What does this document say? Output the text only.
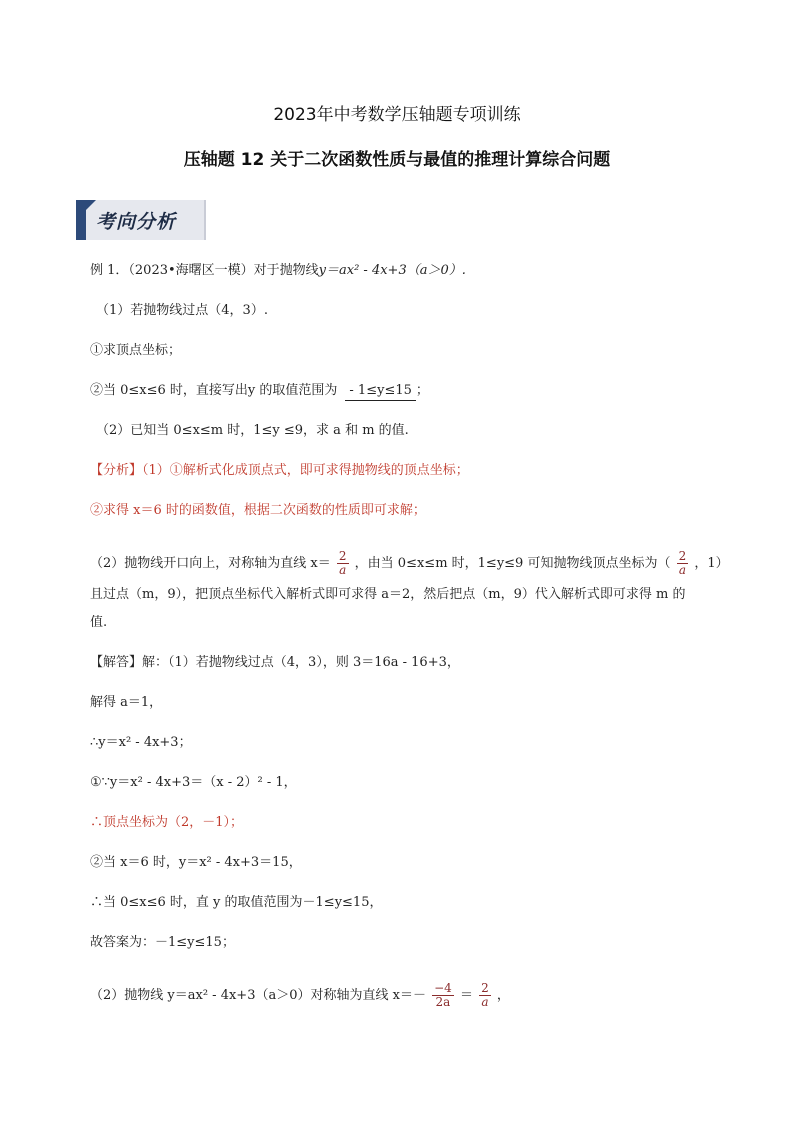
2023年中考数学压轴题专项训练
压轴题 12 关于二次函数性质与最值的推理计算综合问题
考向分析
例 1．（2023•海曙区一模）对于抛物线y＝ax² - 4x+3（a＞0）.
（1）若抛物线过点（4，3）.
①求顶点坐标；
②当 0≤x≤6 时，直接写出y 的取值范围为 - 1≤y≤15 ；
（2）已知当 0≤x≤m 时，1≤y ≤9，求 a 和 m 的值.
【分析】（1）①解析式化成顶点式，即可求得抛物线的顶点坐标；
②求得 x＝6 时的函数值，根据二次函数的性质即可求解；
（2）抛物线开口向上，对称轴为直线 $x= \frac{2}{a}$ ，由当 0≤x≤m 时，1≤y≤9 可知抛物线顶点坐标为（ $\frac{2}{a}$ ，1）
且过点（m，9），把顶点坐标代入解析式即可求得 a＝2，然后把点（m，9）代入解析式即可求得 m 的
值.
【解答】解：（1）若抛物线过点（4，3），则 3＝16a - 16+3，
解得 a＝1，
∴y＝x² - 4x+3；
①∵y＝x² - 4x+3＝（x - 2）² - 1，
∴顶点坐标为（2，－1）；
②当 x＝6 时，y＝x² - 4x+3＝15，
∴当 0≤x≤6 时，直 y 的取值范围为－1≤y≤15，
故答案为：－1≤y≤15；
（2）抛物线 y＝ax² - 4x+3（a＞0）对称轴为直线 $x=- \frac{-4}{2a} = \frac{2}{a}$ ，
